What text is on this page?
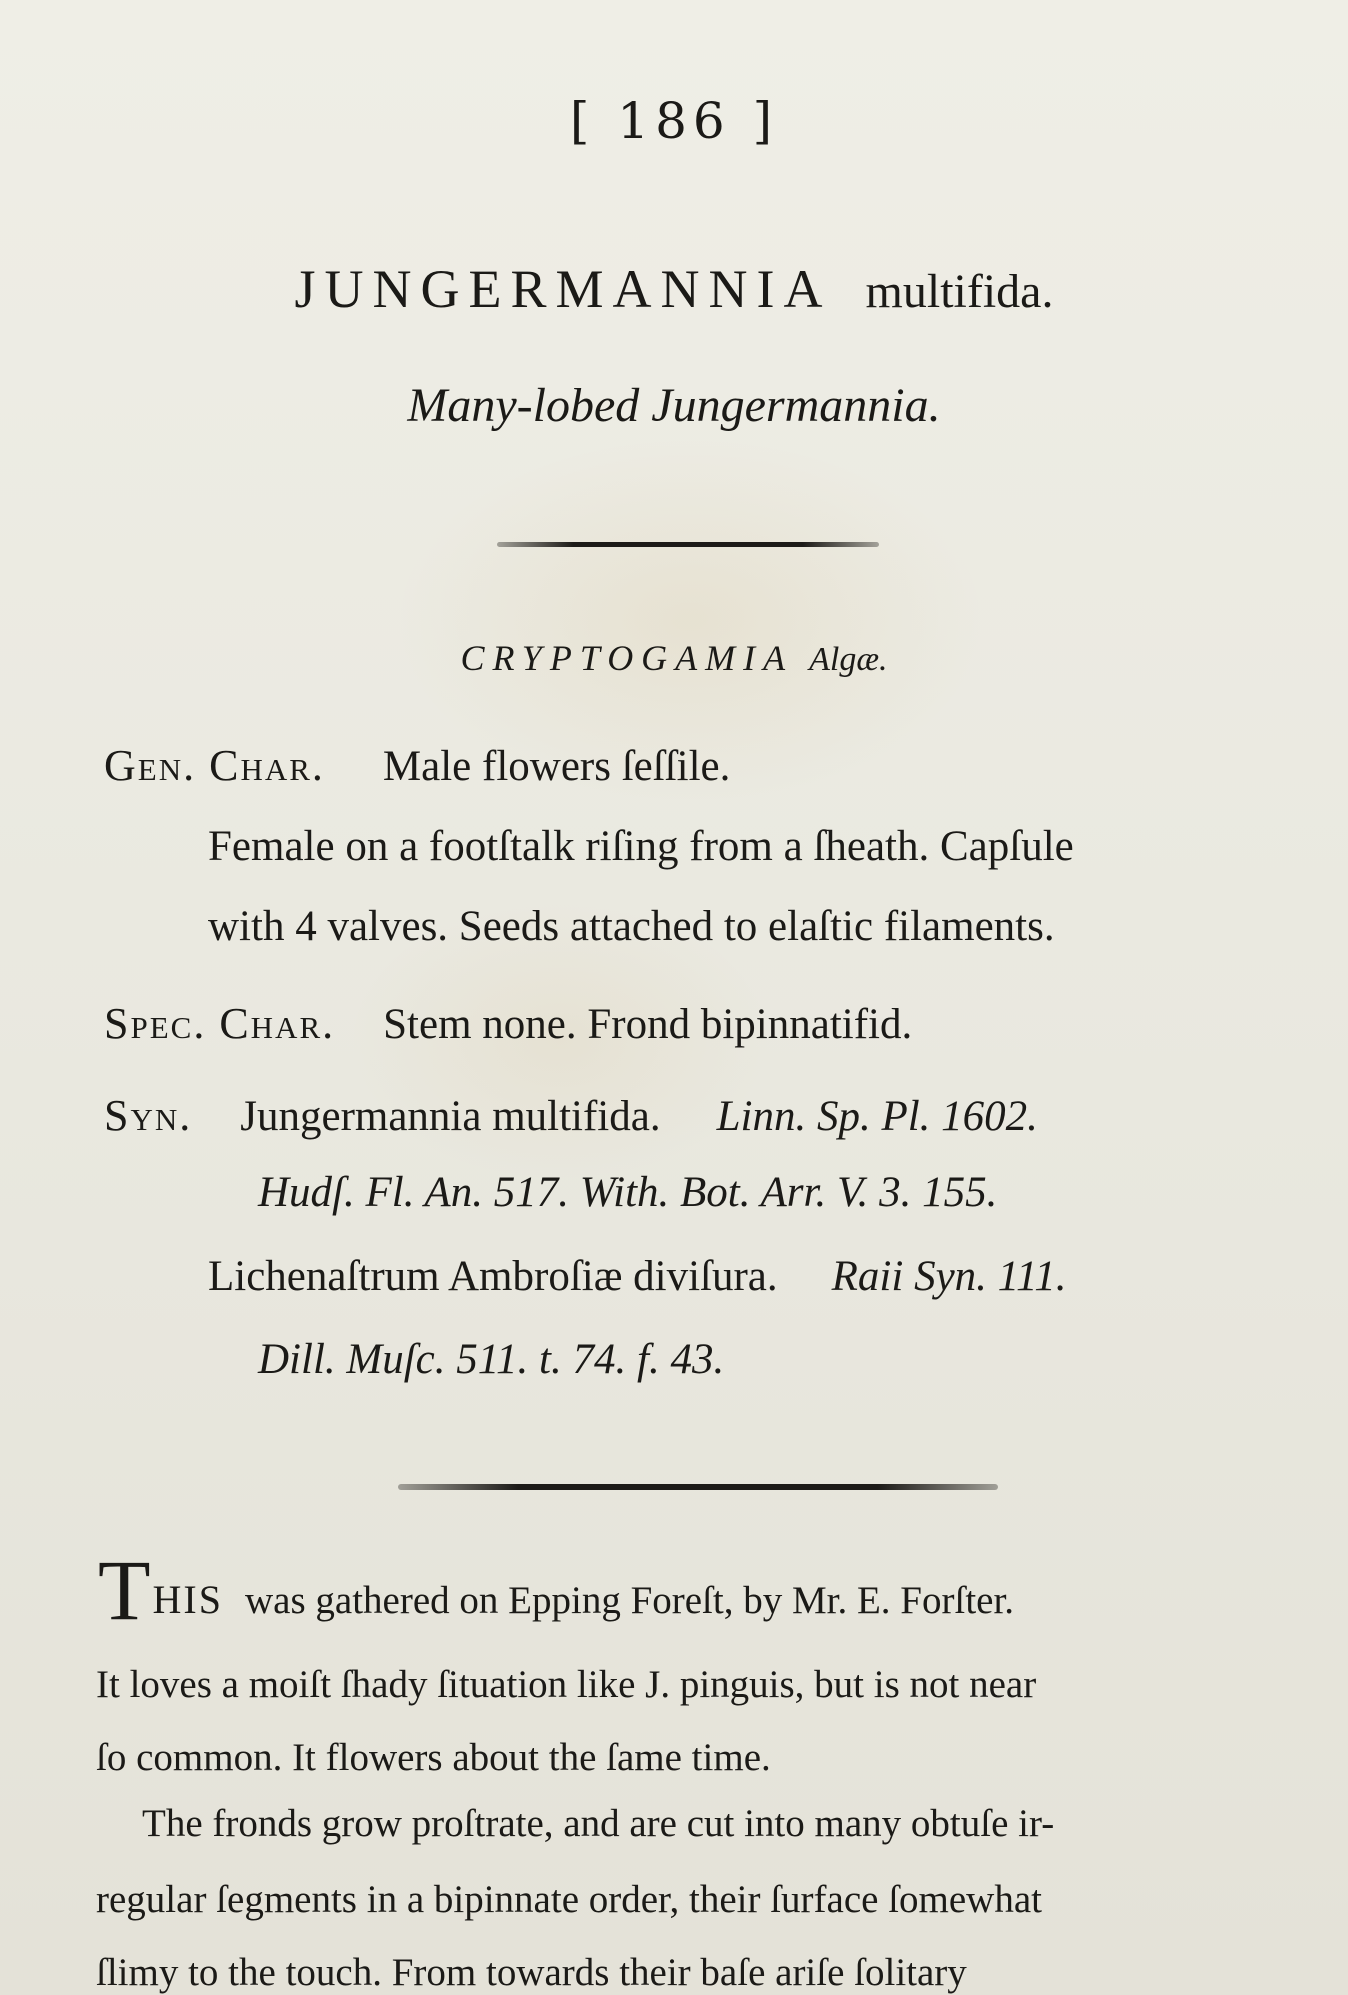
[ 186 ]
JUNGERMANNIA multifida.
Many-lobed Jungermannia.
CRYPTOGAMIA Algæ.
Gen. Char. Male flowers ſeſſile.
Female on a footſtalk riſing from a ſheath. Capſule
with 4 valves. Seeds attached to elaſtic filaments.
Spec. Char. Stem none. Frond bipinnatifid.
Syn. Jungermannia multifida. Linn. Sp. Pl. 1602.
Hudſ. Fl. An. 517. With. Bot. Arr. V. 3. 155.
Lichenaſtrum Ambroſiæ diviſura. Raii Syn. 111.
Dill. Muſc. 511. t. 74. f. 43.
THIS was gathered on Epping Foreſt, by Mr. E. Forſter.
It loves a moiſt ſhady ſituation like J. pinguis, but is not near
ſo common. It flowers about the ſame time.
The fronds grow proſtrate, and are cut into many obtuſe ir-
regular ſegments in a bipinnate order, their ſurface ſomewhat
ſlimy to the touch. From towards their baſe ariſe ſolitary
